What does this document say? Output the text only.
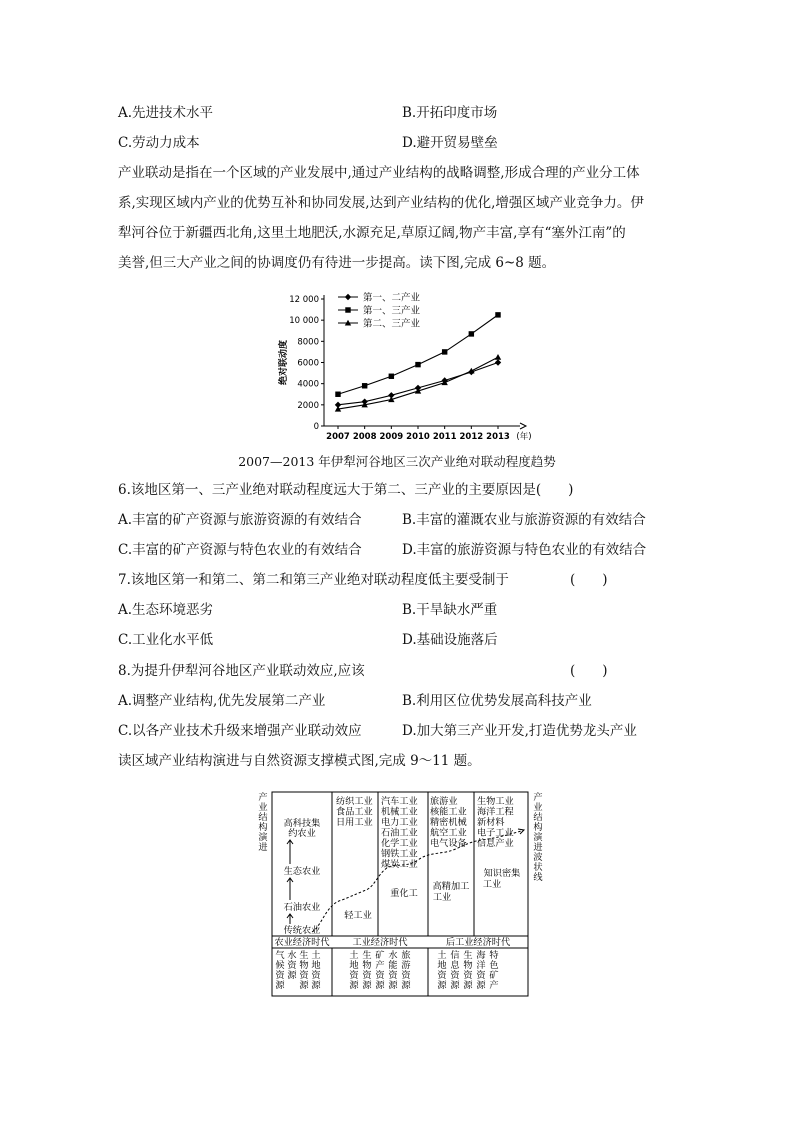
A.先进技术水平	B.开拓印度市场
C.劳动力成本	D.避开贸易壁垒
产业联动是指在一个区域的产业发展中,通过产业结构的战略调整,形成合理的产业分工体
系,实现区域内产业的优势互补和协同发展,达到产业结构的优化,增强区域产业竞争力。伊
犁河谷位于新疆西北角,这里土地肥沃,水源充足,草原辽阔,物产丰富,享有“塞外江南”的
美誉,但三大产业之间的协调度仍有待进一步提高。读下图,完成 6~8 题。
0
2000
4000
6000
8000
10 000
12 000
2007 2008 2009 2010 2011 2012 2013 (年)
绝对联动度
第一、二产业
第一、三产业
第二、三产业
2007—2013 年伊犁河谷地区三次产业绝对联动程度趋势
6.该地区第一、三产业绝对联动程度远大于第二、三产业的主要原因是(　　)
A.丰富的矿产资源与旅游资源的有效结合	B.丰富的灌溉农业与旅游资源的有效结合
C.丰富的矿产资源与特色农业的有效结合	D.丰富的旅游资源与特色农业的有效结合
7.该地区第一和第二、第二和第三产业绝对联动程度低主要受制于	(　　)
A.生态环境恶劣	B.干旱缺水严重
C.工业化水平低	D.基础设施落后
8.为提升伊犁河谷地区产业联动效应,应该	(　　)
A.调整产业结构,优先发展第二产业	B.利用区位优势发展高科技产业
C.以各产业技术升级来增强产业联动效应	D.加大第三产业开发,打造优势龙头产业
读区域产业结构演进与自然资源支撑模式图,完成 9～11 题。
产
业
结
构
演
进
产
业
结
构
演
进
波
状
线
高科技集
约农业
生态农业
石油农业
传统农业
纺织工业
食品工业
日用工业
汽车工业
机械工业
电力工业
石油工业
化学工业
钢铁工业
煤炭工业
旅游业
核能工业
精密机械
航空工业
电气设备
生物工业
海洋工程
新材料
电子工业
信息产业
轻工业
重化工
高精加工
工业
知识密集
工业
农业经济时代 工业经济时代	后工业经济时代
气
候
资
源
水
资
源
生
物
资
源
土
地
资
源
土
地
资
源
生
物
资
源
矿
产
资
源
水
能
资
源
旅
游
资
源
土
地
资
源
信
息
资
源
生
物
资
源
海
洋
资
源
特
色
矿
产
